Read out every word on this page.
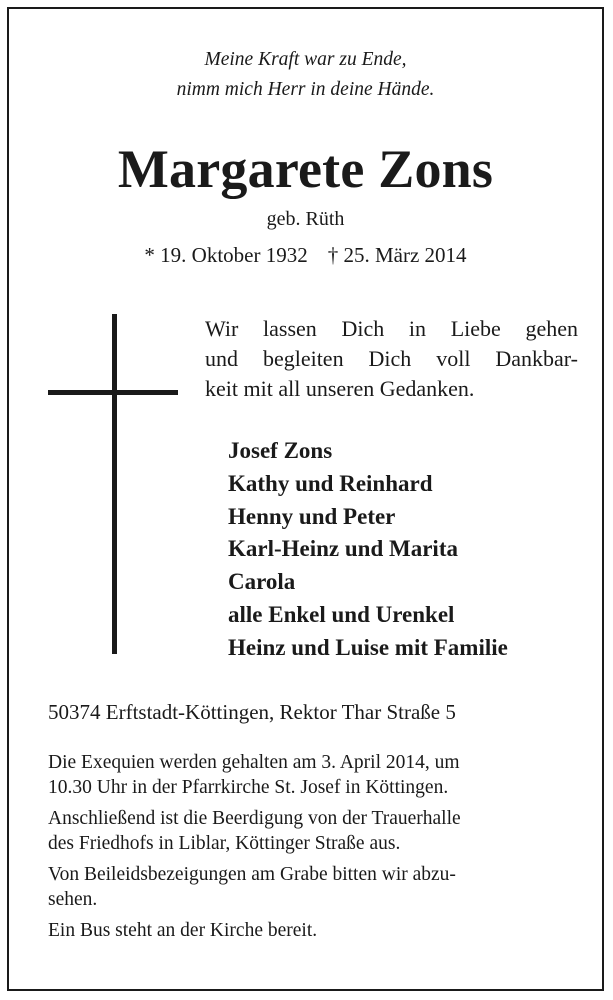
Meine Kraft war zu Ende,
nimm mich Herr in deine Hände.
Margarete Zons
geb. Rüth
* 19. Oktober 1932 † 25. März 2014
Wir lassen Dich in Liebe gehen
und begleiten Dich voll Dankbar-
keit mit all unseren Gedanken.
Josef Zons
Kathy und Reinhard
Henny und Peter
Karl-Heinz und Marita
Carola
alle Enkel und Urenkel
Heinz und Luise mit Familie
50374 Erftstadt-Köttingen, Rektor Thar Straße 5
Die Exequien werden gehalten am 3. April 2014, um
10.30 Uhr in der Pfarrkirche St. Josef in Köttingen.
Anschließend ist die Beerdigung von der Trauerhalle
des Friedhofs in Liblar, Köttinger Straße aus.
Von Beileidsbezeigungen am Grabe bitten wir abzu-
sehen.
Ein Bus steht an der Kirche bereit.
